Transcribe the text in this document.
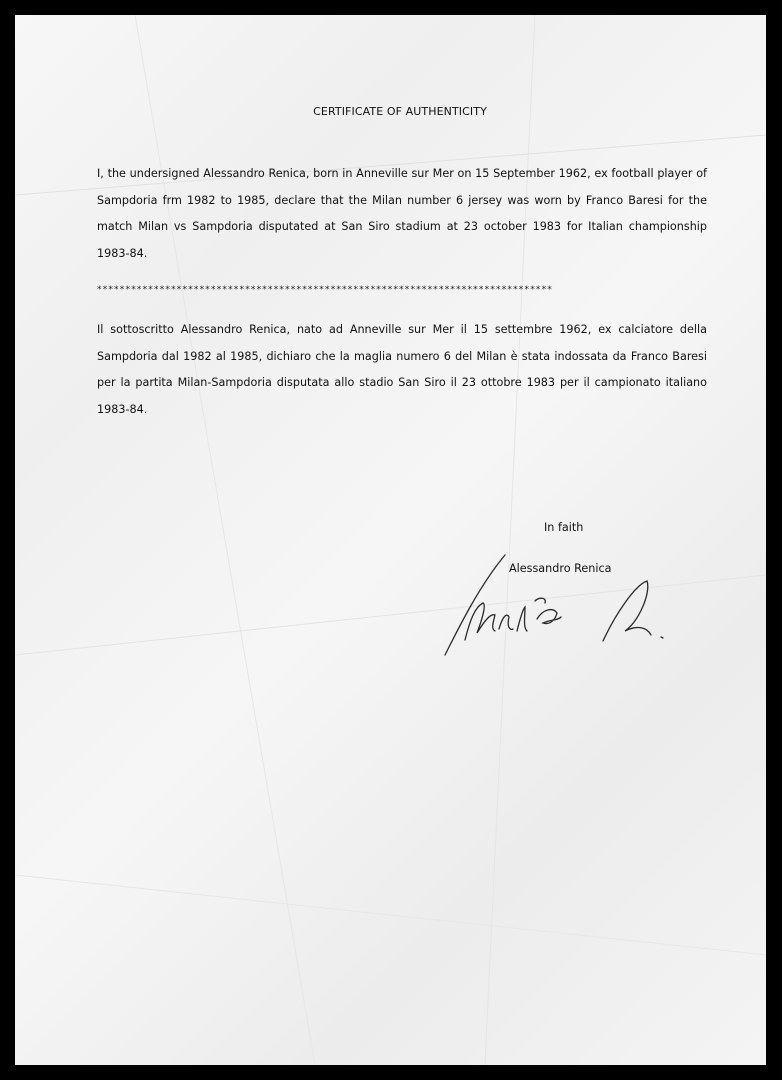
CERTIFICATE OF AUTHENTICITY

I, the undersigned Alessandro Renica, born in Anneville sur Mer on 15 September 1962, ex football player of Sampdoria frm 1982 to 1985, declare that the Milan number 6 jersey was worn by Franco Baresi for the match Milan vs Sampdoria disputated at San Siro stadium at 23 october 1983 for Italian championship 1983-84.

********************************************************************************

Il sottoscritto Alessandro Renica, nato ad Anneville sur Mer il 15 settembre 1962, ex calciatore della Sampdoria dal 1982 al 1985, dichiaro che la maglia numero 6 del Milan è stata indossata da Franco Baresi per la partita Milan-Sampdoria disputata allo stadio San Siro il 23 ottobre 1983 per il campionato italiano 1983-84.

In faith
Alessandro Renica
